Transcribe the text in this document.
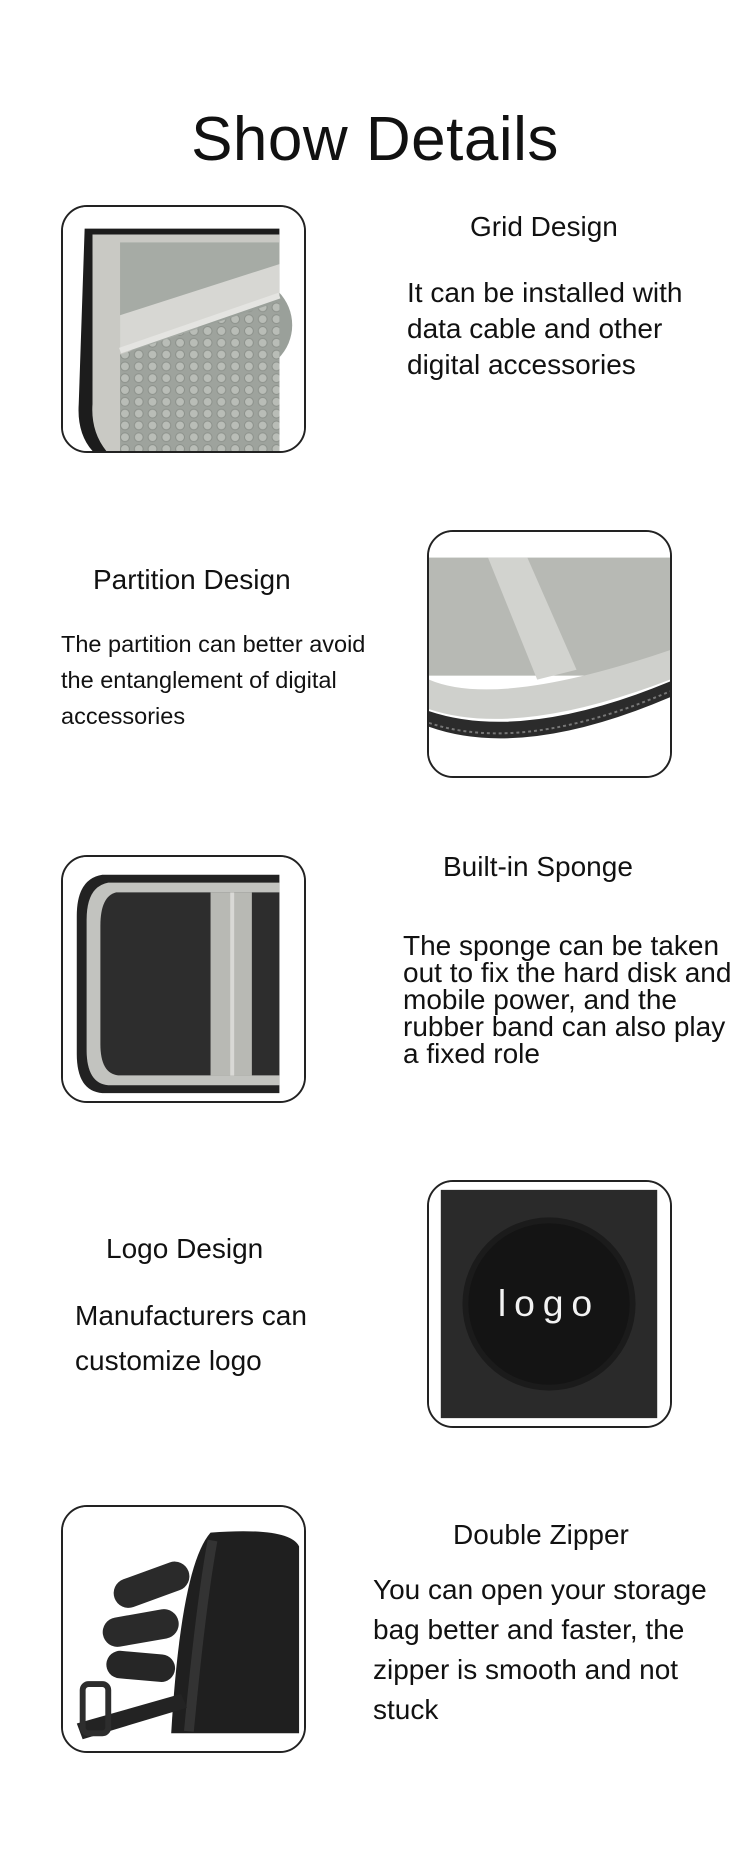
Show Details
Grid Design
It can be installed with data cable and other digital accessories
Partition Design
The partition can better avoid the entanglement of digital accessories
Built-in Sponge
The sponge can be taken out to fix the hard disk and mobile power, and the rubber band can also play a fixed role
Logo Design
Manufacturers can customize logo
logo
Double Zipper
You can open your storage bag better and faster, the zipper is smooth and not stuck
